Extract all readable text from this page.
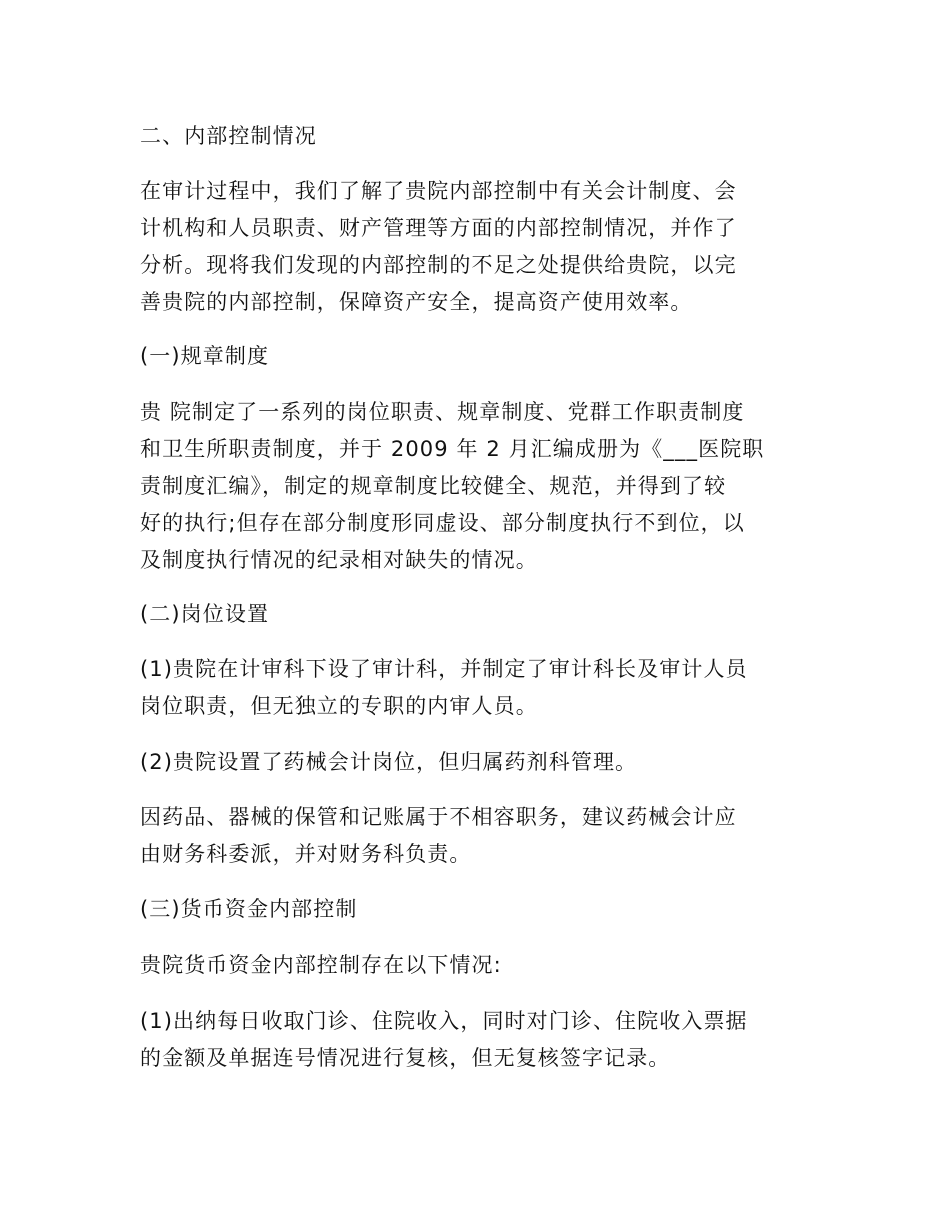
二、内部控制情况
在审计过程中，我们了解了贵院内部控制中有关会计制度、会
计机构和人员职责、财产管理等方面的内部控制情况，并作了
分析。现将我们发现的内部控制的不足之处提供给贵院，以完
善贵院的内部控制，保障资产安全，提高资产使用效率。
(一)规章制度
贵 院制定了一系列的岗位职责、规章制度、党群工作职责制度
和卫生所职责制度，并于 2009 年 2 月汇编成册为《___医院职
责制度汇编》，制定的规章制度比较健全、规范，并得到了较
好的执行;但存在部分制度形同虚设、部分制度执行不到位，以
及制度执行情况的纪录相对缺失的情况。
(二)岗位设置
(1)贵院在计审科下设了审计科，并制定了审计科长及审计人员
岗位职责，但无独立的专职的内审人员。
(2)贵院设置了药械会计岗位，但归属药剂科管理。
因药品、器械的保管和记账属于不相容职务，建议药械会计应
由财务科委派，并对财务科负责。
(三)货币资金内部控制
贵院货币资金内部控制存在以下情况:
(1)出纳每日收取门诊、住院收入，同时对门诊、住院收入票据
的金额及单据连号情况进行复核，但无复核签字记录。
